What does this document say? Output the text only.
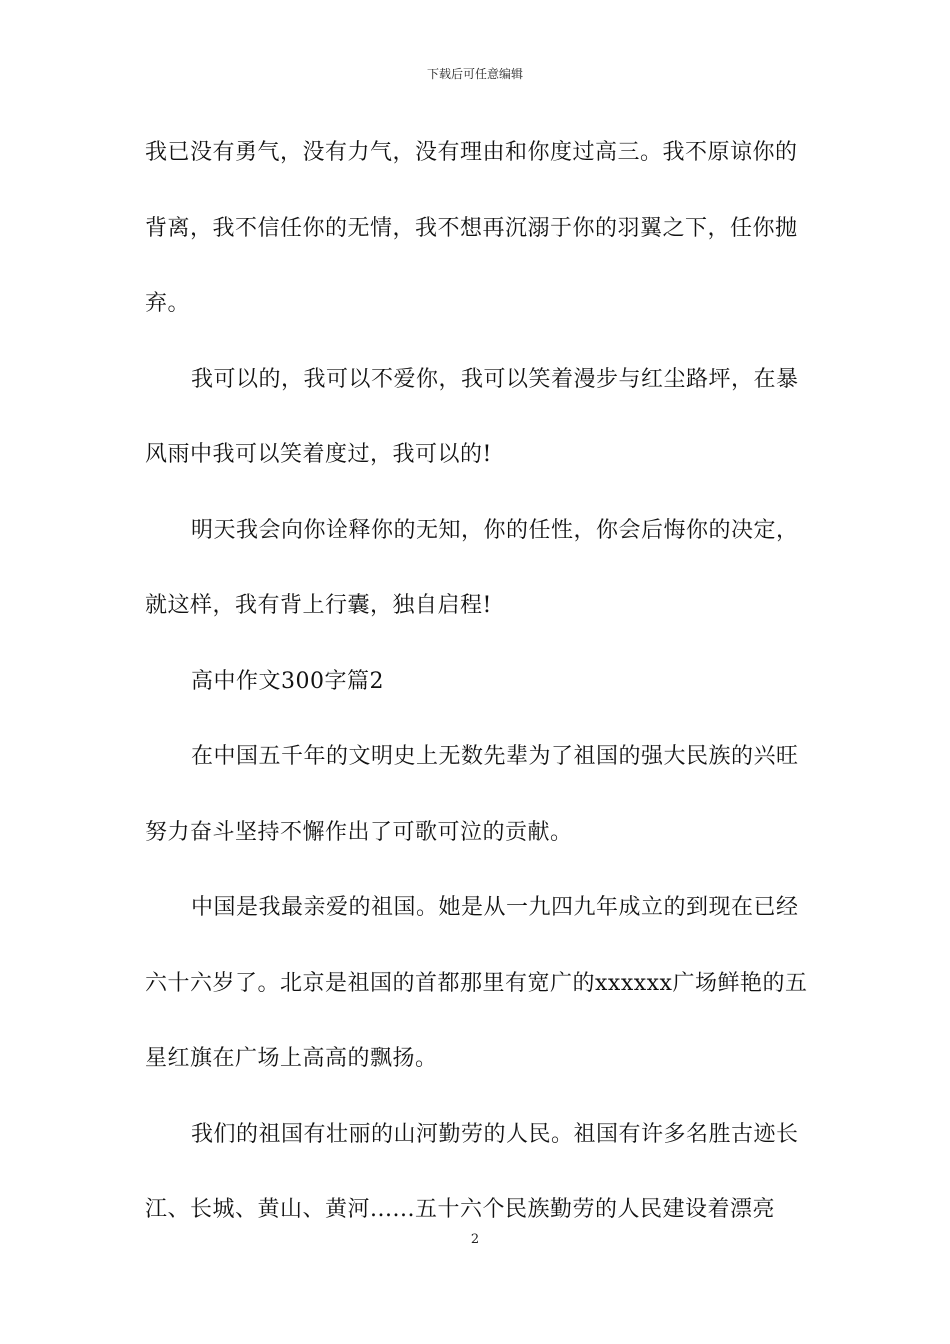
下载后可任意编辑
我已没有勇气，没有力气，没有理由和你度过高三。我不原谅你的
背离，我不信任你的无情，我不想再沉溺于你的羽翼之下，任你抛
弃。
我可以的，我可以不爱你，我可以笑着漫步与红尘路坪，在暴
风雨中我可以笑着度过，我可以的!
明天我会向你诠释你的无知，你的任性，你会后悔你的决定，
就这样，我有背上行囊，独自启程!
高中作文300字篇2
在中国五千年的文明史上无数先辈为了祖国的强大民族的兴旺
努力奋斗坚持不懈作出了可歌可泣的贡献。
中国是我最亲爱的祖国。她是从一九四九年成立的到现在已经
六十六岁了。北京是祖国的首都那里有宽广的xxxxxx广场鲜艳的五
星红旗在广场上高高的飘扬。
我们的祖国有壮丽的山河勤劳的人民。祖国有许多名胜古迹长
江、长城、黄山、黄河......五十六个民族勤劳的人民建设着漂亮
2
